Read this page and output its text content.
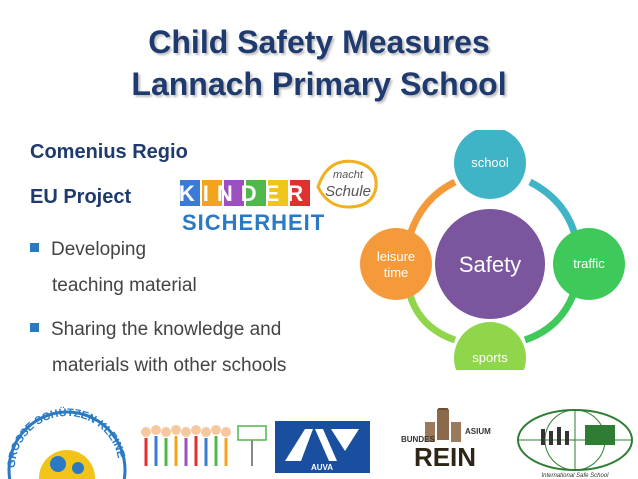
Child Safety Measures
Lannach Primary School
Comenius Regio
EU Project KINDER
SICHERHEIT
macht
Schule
Developing
teaching material
Sharing the knowledge and
materials with other schools
Safety
school
traffic
sports
leisure
time
GROSSE SCHÜTZEN KLEINE
AUVA
BUNDES
ASIUM
REIN
International Safe School
